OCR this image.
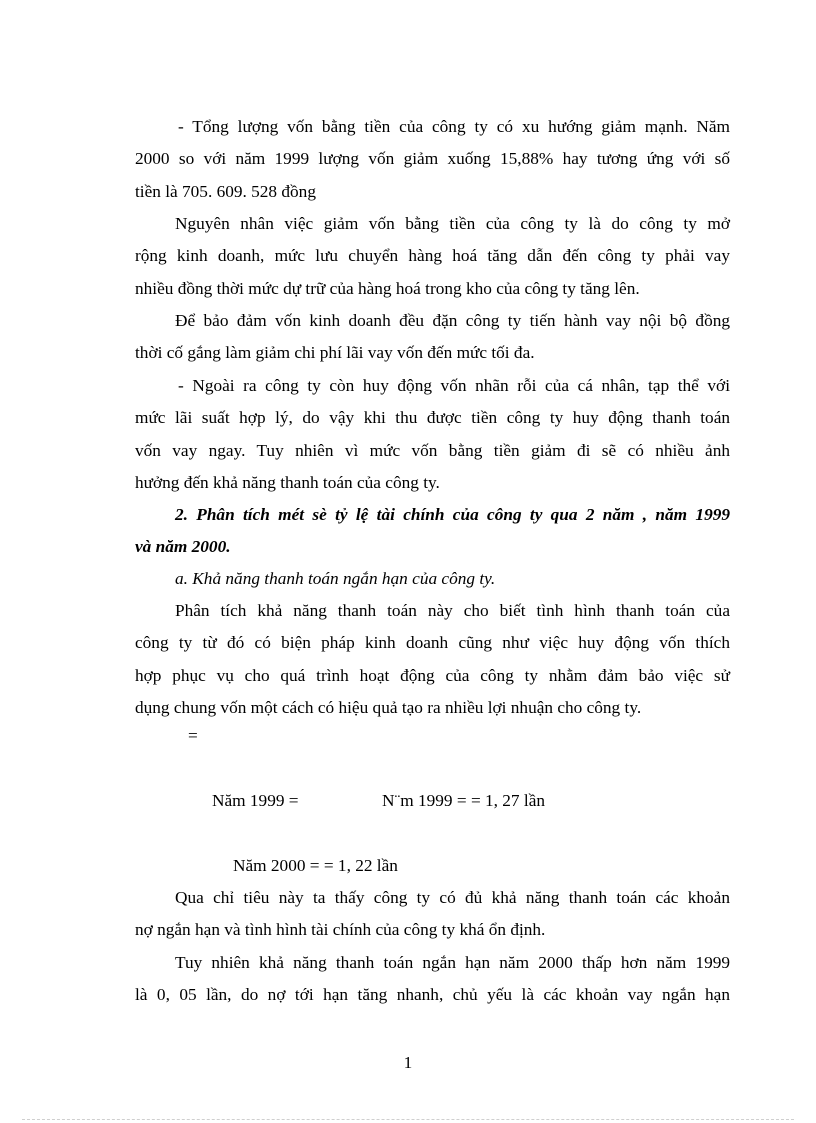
- Tổng lượng vốn bằng tiền của công ty có xu hướng giảm mạnh. Năm
2000 so với năm 1999 lượng vốn giảm xuống 15,88% hay tương ứng với số
tiền là 705. 609. 528 đồng

Nguyên nhân việc giảm vốn bằng tiền của công ty là do công ty mở
rộng kinh doanh, mức lưu chuyển hàng hoá tăng dẫn đến công ty phải vay
nhiều đồng thời mức dự trữ của hàng hoá trong kho của công ty tăng lên.

Để bảo đảm vốn kinh doanh đều đặn công ty tiến hành vay nội bộ đồng
thời cố gắng làm giảm chi phí lãi vay vốn đến mức tối đa.

- Ngoài ra công ty còn huy động vốn nhãn rỗi của cá nhân, tạp thể với
mức lãi suất hợp lý, do vậy khi thu được tiền công ty huy động thanh toán
vốn vay ngay. Tuy nhiên vì mức vốn bằng tiền giảm đi sẽ có nhiều ảnh
hưởng đến khả năng thanh toán của công ty.

2. Phân tích mét sè tỷ lệ tài chính của công ty qua 2 năm , năm 1999
và năm 2000.

a. Khả năng thanh toán ngắn hạn của công ty.

Phân tích khả năng thanh toán này cho biết tình hình thanh toán của
công ty từ đó có biện pháp kinh doanh cũng như việc huy động vốn thích
hợp phục vụ cho quá trình hoạt động của công ty nhằm đảm bảo việc sử
dụng chung vốn một cách có hiệu quả tạo ra nhiều lợi nhuận cho công ty.

=
Năm 1999 =	N¨m 1999 = = 1, 27 lần
Năm 2000 = = 1, 22 lần

Qua chỉ tiêu này ta thấy công ty có đủ khả năng thanh toán các khoản
nợ ngắn hạn và tình hình tài chính của công ty khá ổn định.

Tuy nhiên khả năng thanh toán ngắn hạn năm 2000 thấp hơn năm 1999
là 0, 05 lần, do nợ tới hạn tăng nhanh, chủ yếu là các khoản vay ngắn hạn

1
